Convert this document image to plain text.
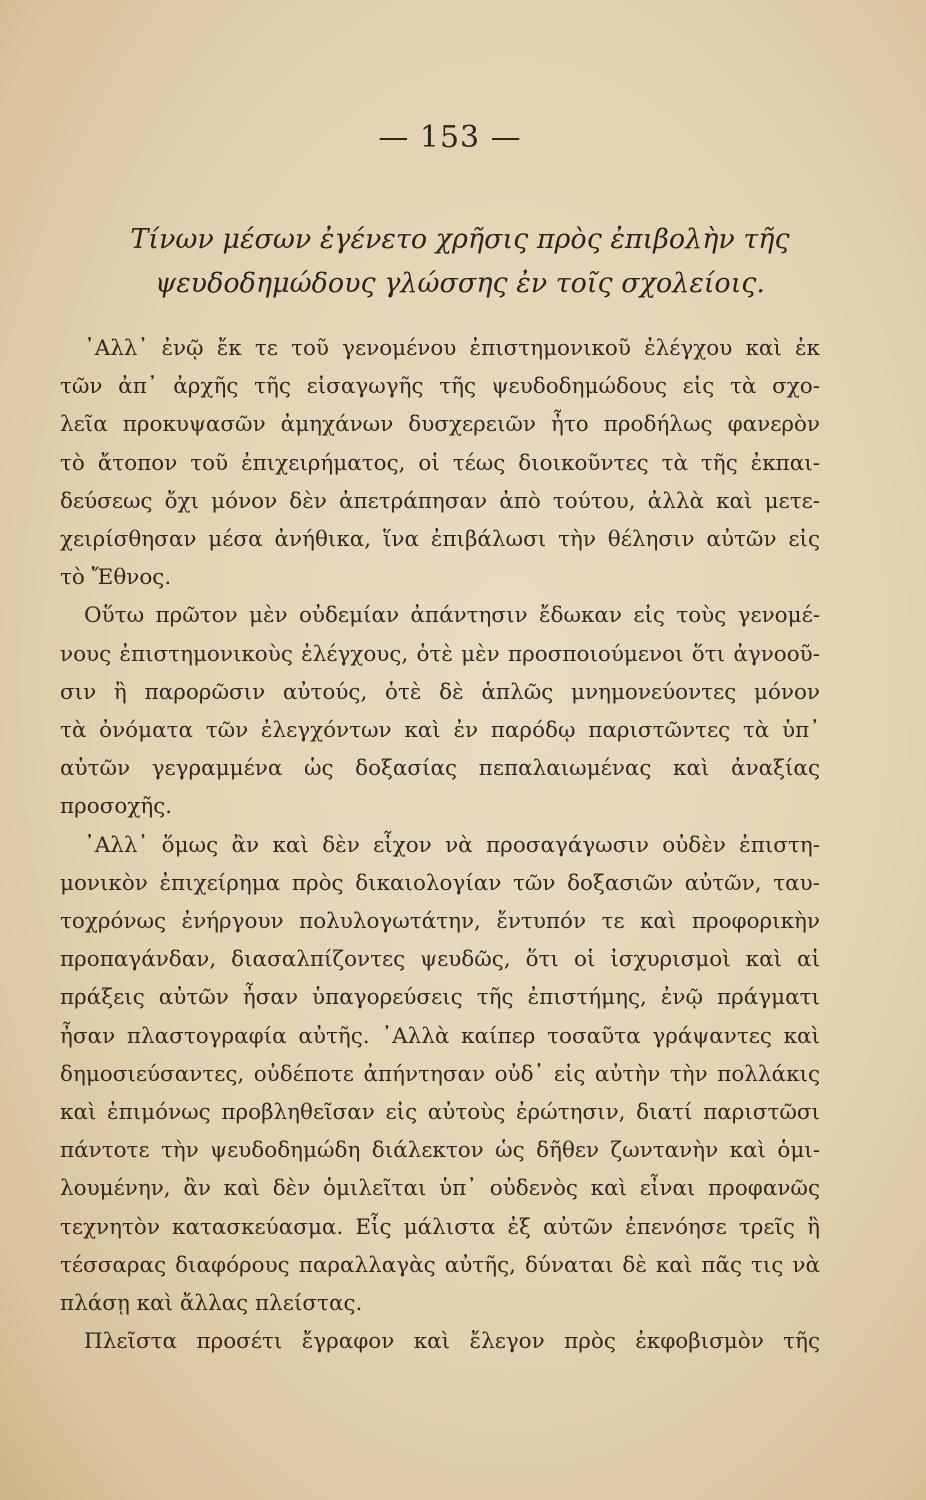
— 153 —
Τίνων μέσων ἐγένετο χρῆσις πρὸς ἐπιβολὴν τῆς
ψευδοδημώδους γλώσσης ἐν τοῖς σχολείοις.

᾿Αλλ᾽ ἐνῷ ἔκ τε τοῦ γενομένου ἐπιστημονικοῦ ἐλέγχου καὶ ἐκ
τῶν ἀπ᾽ ἀρχῆς τῆς εἰσαγωγῆς τῆς ψευδοδημώδους εἰς τὰ σχο-
λεῖα προκυψασῶν ἀμηχάνων δυσχερειῶν ἦτο προδήλως φανερὸν
τὸ ἄτοπον τοῦ ἐπιχειρήματος, οἱ τέως διοικοῦντες τὰ τῆς ἐκπαι-
δεύσεως ὄχι μόνον δὲν ἀπετράπησαν ἀπὸ τούτου, ἀλλὰ καὶ μετε-
χειρίσθησαν μέσα ἀνήθικα, ἵνα ἐπιβάλωσι τὴν θέλησιν αὐτῶν εἰς
τὸ Ἔθνος.

Οὕτω πρῶτον μὲν οὐδεμίαν ἀπάντησιν ἔδωκαν εἰς τοὺς γενομέ-
νους ἐπιστημονικοὺς ἐλέγχους, ὁτὲ μὲν προσποιούμενοι ὅτι ἀγνοοῦ-
σιν ἢ παρορῶσιν αὐτούς, ὁτὲ δὲ ἁπλῶς μνημονεύοντες μόνον
τὰ ὀνόματα τῶν ἐλεγχόντων καὶ ἐν παρόδῳ παριστῶντες τὰ ὑπ᾽
αὐτῶν γεγραμμένα ὡς δοξασίας πεπαλαιωμένας καὶ ἀναξίας
προσοχῆς.

᾿Αλλ᾽ ὅμως ἂν καὶ δὲν εἶχον νὰ προσαγάγωσιν οὐδὲν ἐπιστη-
μονικὸν ἐπιχείρημα πρὸς δικαιολογίαν τῶν δοξασιῶν αὐτῶν, ταυ-
τοχρόνως ἐνήργουν πολυλογωτάτην, ἔντυπόν τε καὶ προφορικὴν
προπαγάνδαν, διασαλπίζοντες ψευδῶς, ὅτι οἱ ἰσχυρισμοὶ καὶ αἱ
πράξεις αὐτῶν ἦσαν ὑπαγορεύσεις τῆς ἐπιστήμης, ἐνῷ πράγματι
ἦσαν πλαστογραφία αὐτῆς. ᾿Αλλὰ καίπερ τοσαῦτα γράψαντες καὶ
δημοσιεύσαντες, οὐδέποτε ἀπήντησαν οὐδ᾽ εἰς αὐτὴν τὴν πολλάκις
καὶ ἐπιμόνως προβληθεῖσαν εἰς αὐτοὺς ἐρώτησιν, διατί παριστῶσι
πάντοτε τὴν ψευδοδημώδη διάλεκτον ὡς δῆθεν ζωντανὴν καὶ ὁμι-
λουμένην, ἂν καὶ δὲν ὁμιλεῖται ὑπ᾽ οὐδενὸς καὶ εἶναι προφανῶς
τεχνητὸν κατασκεύασμα. Εἷς μάλιστα ἐξ αὐτῶν ἐπενόησε τρεῖς ἢ
τέσσαρας διαφόρους παραλλαγὰς αὐτῆς, δύναται δὲ καὶ πᾶς τις νὰ
πλάσῃ καὶ ἄλλας πλείστας.

Πλεῖστα προσέτι ἔγραφον καὶ ἔλεγον πρὸς ἐκφοβισμὸν τῆς
